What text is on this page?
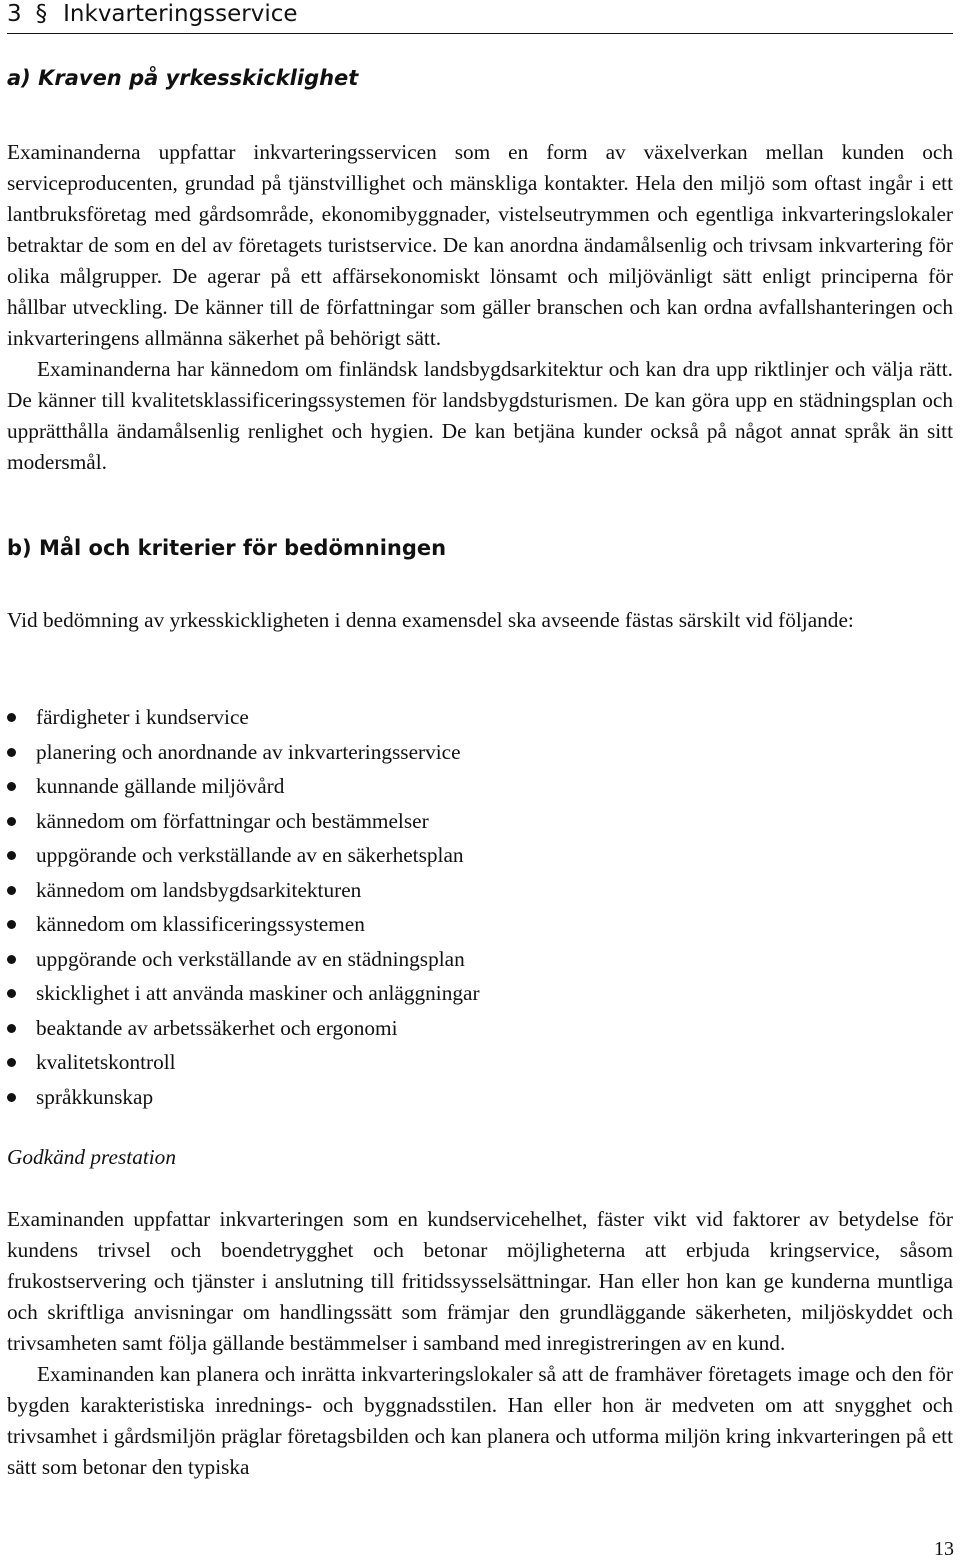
3 § Inkvarteringsservice
a) Kraven på yrkesskicklighet

Examinanderna uppfattar inkvarteringsservicen som en form av växelverkan mellan kunden och serviceproducenten, grundad på tjänstvillighet och mänskliga kontakter. Hela den miljö som oftast ingår i ett lantbruksföretag med gårdsområde, ekonomibyggnader, vistelseutrymmen och egentliga inkvarteringslokaler betraktar de som en del av företagets turistservice. De kan anordna ändamålsenlig och trivsam inkvartering för olika målgrupper. De agerar på ett affärsekonomiskt lönsamt och miljövänligt sätt enligt principerna för hållbar utveckling. De känner till de författningar som gäller branschen och kan ordna avfallshanteringen och inkvarteringens allmänna säkerhet på behörigt sätt.

Examinanderna har kännedom om finländsk landsbygdsarkitektur och kan dra upp riktlinjer och välja rätt. De känner till kvalitetsklassificeringssystemen för landsbygdsturismen. De kan göra upp en städningsplan och upprätthålla ändamålsenlig renlighet och hygien. De kan betjäna kunder också på något annat språk än sitt modersmål.

b) Mål och kriterier för bedömningen

Vid bedömning av yrkesskickligheten i denna examensdel ska avseende fästas särskilt vid följande:

färdigheter i kundservice
planering och anordnande av inkvarteringsservice
kunnande gällande miljövård
kännedom om författningar och bestämmelser
uppgörande och verkställande av en säkerhetsplan
kännedom om landsbygdsarkitekturen
kännedom om klassificeringssystemen
uppgörande och verkställande av en städningsplan
skicklighet i att använda maskiner och anläggningar
beaktande av arbetssäkerhet och ergonomi
kvalitetskontroll
språkkunskap

Godkänd prestation

Examinanden uppfattar inkvarteringen som en kundservicehelhet, fäster vikt vid faktorer av betydelse för kundens trivsel och boendetrygghet och betonar möjligheterna att erbjuda kringservice, såsom frukostservering och tjänster i anslutning till fritidssysselsättningar. Han eller hon kan ge kunderna muntliga och skriftliga anvisningar om handlingssätt som främjar den grundläggande säkerheten, miljöskyddet och trivsamheten samt följa gällande bestämmelser i samband med inregistreringen av en kund.

Examinanden kan planera och inrätta inkvarteringslokaler så att de framhäver företagets image och den för bygden karakteristiska inrednings- och byggnadsstilen. Han eller hon är medveten om att snygghet och trivsamhet i gårdsmiljön präglar företagsbilden och kan planera och utforma miljön kring inkvarteringen på ett sätt som betonar den typiska

13
